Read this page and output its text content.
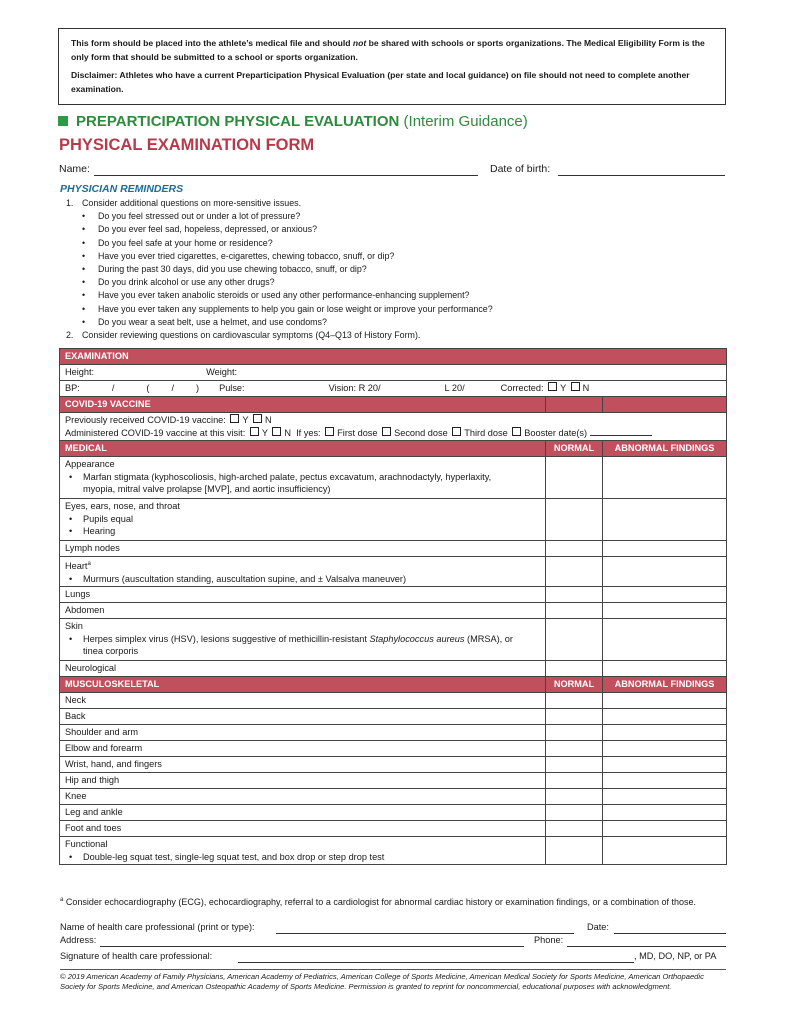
This form should be placed into the athlete’s medical file and should not be shared with schools or sports organizations. The Medical Eligibility Form is the only form that should be submitted to a school or sports organization.

Disclaimer: Athletes who have a current Preparticipation Physical Evaluation (per state and local guidance) on file should not need to complete another examination.

PREPARTICIPATION PHYSICAL EVALUATION (Interim Guidance)
PHYSICAL EXAMINATION FORM
Name:	Date of birth:
PHYSICIAN REMINDERS
1. Consider additional questions on more-sensitive issues.
• Do you feel stressed out or under a lot of pressure?
• Do you ever feel sad, hopeless, depressed, or anxious?
• Do you feel safe at your home or residence?
• Have you ever tried cigarettes, e-cigarettes, chewing tobacco, snuff, or dip?
• During the past 30 days, did you use chewing tobacco, snuff, or dip?
• Do you drink alcohol or use any other drugs?
• Have you ever taken anabolic steroids or used any other performance-enhancing supplement?
• Have you ever taken any supplements to help you gain or lose weight or improve your performance?
• Do you wear a seat belt, use a helmet, and use condoms?
2. Consider reviewing questions on cardiovascular symptoms (Q4–Q13 of History Form).
EXAMINATION		
Height: Weight:		
BP: / ( / ) Pulse: Vision: R 20/ L 20/ Corrected: Y N		
COVID-19 VACCINE		

Previously received COVID-19 vaccine: Y N
Administered COVID-19 vaccine at this visit: Y N If yes: First dose Second dose Third dose Booster date(s)		

MEDICAL	NORMAL	ABNORMAL FINDINGS

Appearance
• Marfan stigmata (kyphoscoliosis, high-arched palate, pectus excavatum, arachnodactyly, hyperlaxity,
myopia, mitral valve prolapse [MVP], and aortic insufficiency)

Eyes, ears, nose, and throat
• Pupils equal
• Hearing

Lymph nodes		

Heart$^a$
• Murmurs (auscultation standing, auscultation supine, and ± Valsalva maneuver)

Lungs		
Abdomen		

Skin
• Herpes simplex virus (HSV), lesions suggestive of methicillin-resistant Staphylococcus aureus (MRSA), or
tinea corporis

Neurological		
MUSCULOSKELETAL	NORMAL	ABNORMAL FINDINGS
Neck		
Back		
Shoulder and arm		
Elbow and forearm		
Wrist, hand, and fingers		
Hip and thigh		
Knee		
Leg and ankle		
Foot and toes		

Functional
• Double-leg squat test, single-leg squat test, and box drop or step drop test

$^a$ Consider echocardiography (ECG), echocardiography, referral to a cardiologist for abnormal cardiac history or examination findings, or a combination of those.
Name of health care professional (print or type):	Date:
Address:	Phone:
Signature of health care professional:	, MD, DO, NP, or PA
© 2019 American Academy of Family Physicians, American Academy of Pediatrics, American College of Sports Medicine, American Medical Society for Sports Medicine, American Orthopaedic Society for Sports Medicine, and American Osteopathic Academy of Sports Medicine. Permission is granted to reprint for noncommercial, educational purposes with acknowledgment.
